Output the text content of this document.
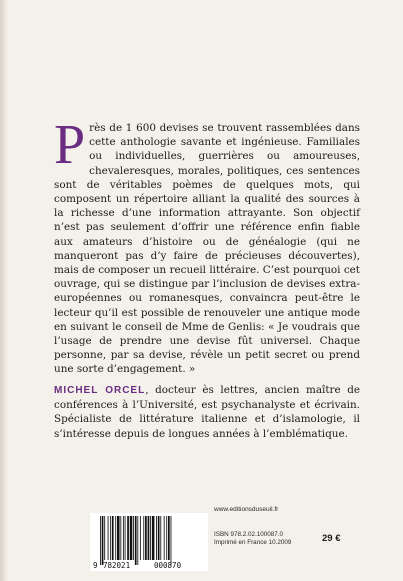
Près de 1 600 devises se trouvent rassemblées dans cette anthologie savante et ingénieuse. Familiales ou individuelles, guerrières ou amoureuses, chevaleresques, morales, politiques, ces sentences sont de véritables poèmes de quelques mots, qui composent un répertoire alliant la qualité des sources à la richesse d’une information attrayante. Son objectif n’est pas seulement d’offrir une référence enfin fiable aux amateurs d’histoire ou de généalogie (qui ne manqueront pas d’y faire de précieuses découvertes), mais de composer un recueil littéraire. C’est pourquoi cet ouvrage, qui se distingue par l’inclusion de devises extra-européennes ou romanesques, convaincra peut-être le lecteur qu’il est possible de renouveler une antique mode en suivant le conseil de Mme de Genlis: « Je voudrais que l’usage de prendre une devise fût universel. Chaque personne, par sa devise, révèle un petit secret ou prend une sorte d’engagement. »

MICHEL ORCEL, docteur ès lettres, ancien maître de conférences à l’Université, est psychanalyste et écrivain. Spécialiste de littérature italienne et d’islamologie, il s’intéresse depuis de longues années à l’emblématique.

www.editionsduseuil.fr
9 782021	000870
ISBN 978.2.02.100087.0
Imprimé en France 10.2009	29 €
